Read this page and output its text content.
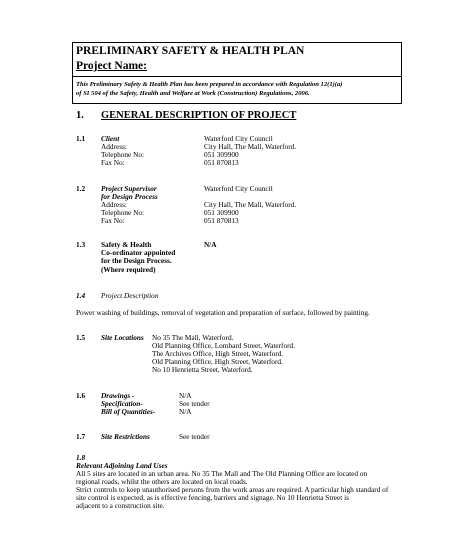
PRELIMINARY SAFETY & HEALTH PLAN
Project Name:
This Preliminary Safety & Health Plan has been prepared in accordance with Regulation 12(1)(a)
of SI 504 of the Safety, Health and Welfare at Work (Construction) Regulations, 2006.
1. GENERAL DESCRIPTION OF PROJECT
1.1 Client
Address:
Telephone No:
Fax No:
Waterford City Council
City Hall, The Mall, Waterford.
051 309900
051 870813
1.2 Project Supervisor
for Design Process
Address:
Telephone No:
Fax No:
Waterford City Council
City Hall, The Mall, Waterford.
051 309900
051 870813
1.3 Safety & Health
Co-ordinator appointed
for the Design Process.
(Where required)
N/A
1.4 Project Description
Power washing of buildings, removal of vegetation and preparation of surface, followed by painting.
1.5 Site Locations No 35 The Mall, Waterford.
Old Planning Office, Lombard Street, Waterford.
The Archives Office, High Street, Waterford.
Old Planning Office, High Street, Waterford.
No 10 Henrietta Street, Waterford.
1.6 Drawings -
Specification-
Bill of Quantities-
N/A
See tender
N/A
1.7 Site Restrictions	See tender
1.8
Relevant Adjoining Land Uses
All 5 sites are located in an urban area. No 35 The Mall and The Old Planning Office are located on
regional roads, whilst the others are located on local roads.
Strict controls to keep unauthorised persons from the work areas are required. A particular high standard of
site control is expected, as is effective fencing, barriers and signage. No 10 Henrietta Street is
adjacent to a construction site.
